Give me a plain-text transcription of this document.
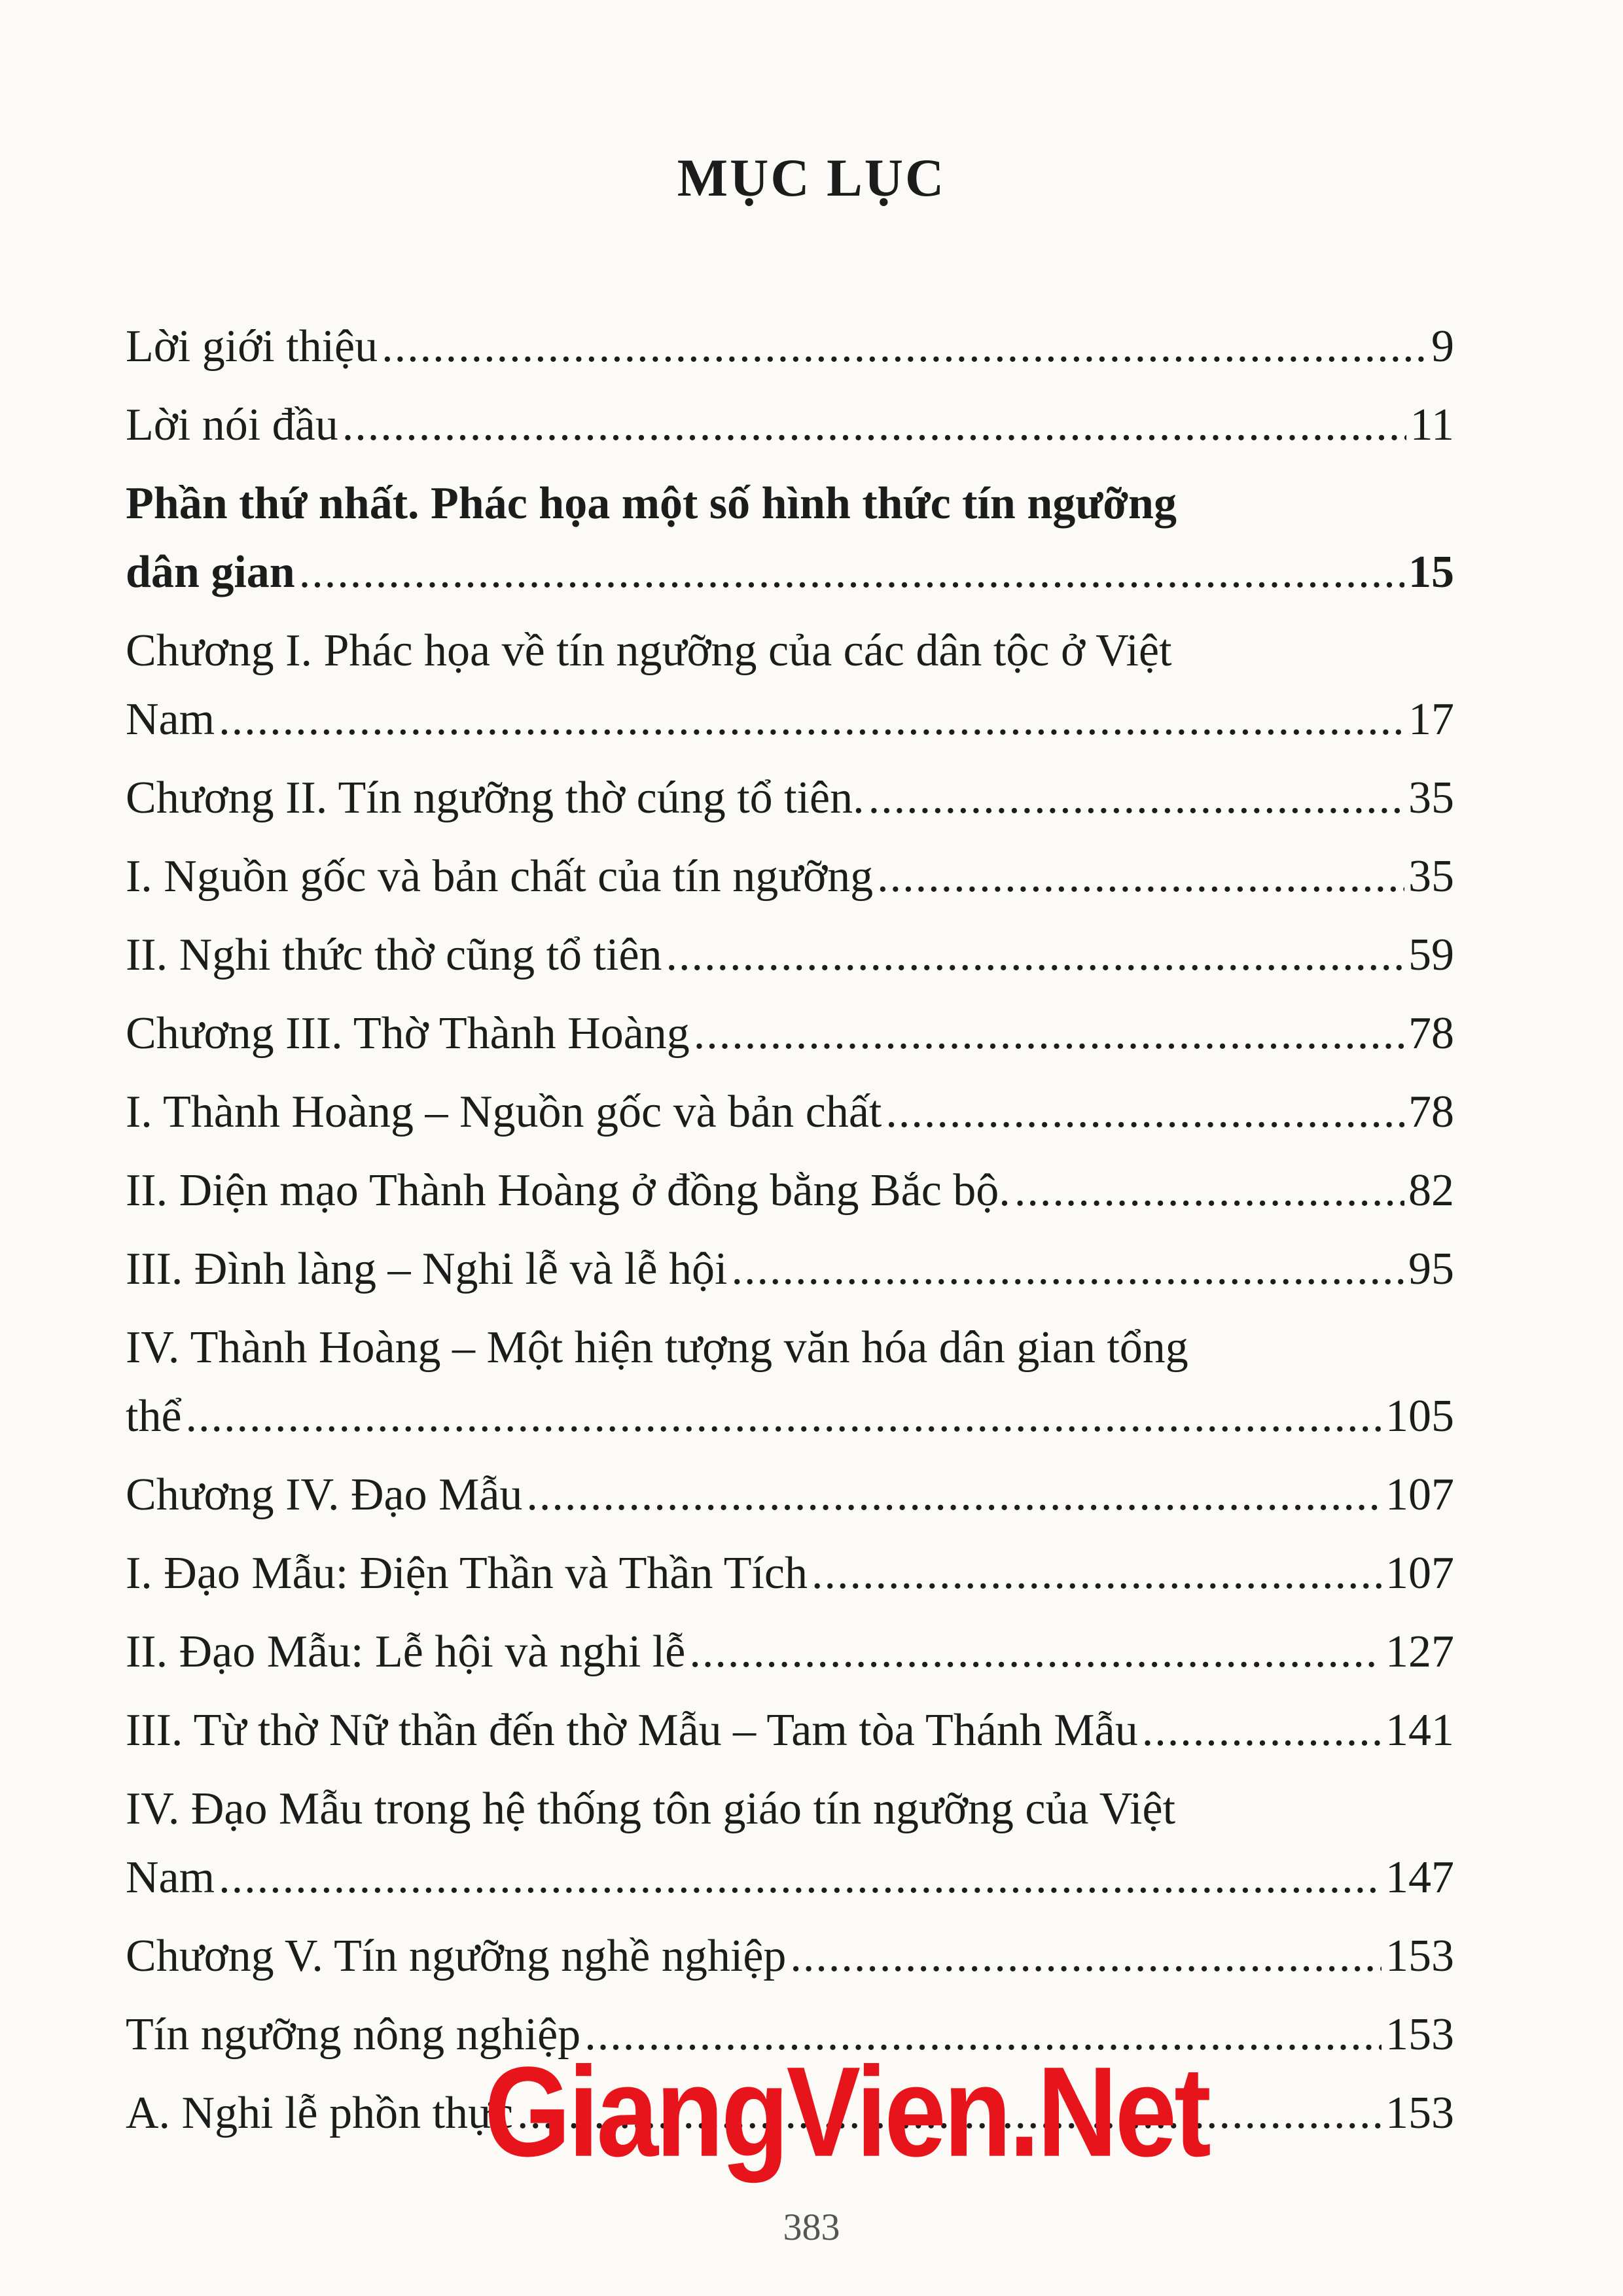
MỤC LỤC
Lời giới thiệu .....	9
Lời nói đầu .....	11
Phần thứ nhất. Phác họa một số hình thức tín ngưỡng
dân gian .....	15
Chương I. Phác họa về tín ngưỡng của các dân tộc ở Việt
Nam .....	17
Chương II. Tín ngưỡng thờ cúng tổ tiên. .....	35
I. Nguồn gốc và bản chất của tín ngưỡng .....	35
II. Nghi thức thờ cũng tổ tiên .....	59
Chương III. Thờ Thành Hoàng .....	78
I. Thành Hoàng – Nguồn gốc và bản chất .....	78
II. Diện mạo Thành Hoàng ở đồng bằng Bắc bộ. .....	82
III. Đình làng – Nghi lễ và lễ hội .....	95
IV. Thành Hoàng – Một hiện tượng văn hóa dân gian tổng
thể .....	105
Chương IV. Đạo Mẫu .....	107
I. Đạo Mẫu: Điện Thần và Thần Tích .....	107
II. Đạo Mẫu: Lễ hội và nghi lễ .....	127
III. Từ thờ Nữ thần đến thờ Mẫu – Tam tòa Thánh Mẫu .....	141
IV. Đạo Mẫu trong hệ thống tôn giáo tín ngưỡng của Việt
Nam .....	147
Chương V. Tín ngưỡng nghề nghiệp .....	153
Tín ngưỡng nông nghiệp .....	153
A. Nghi lễ phồn thực .....	153
GiangVien.Net
383
